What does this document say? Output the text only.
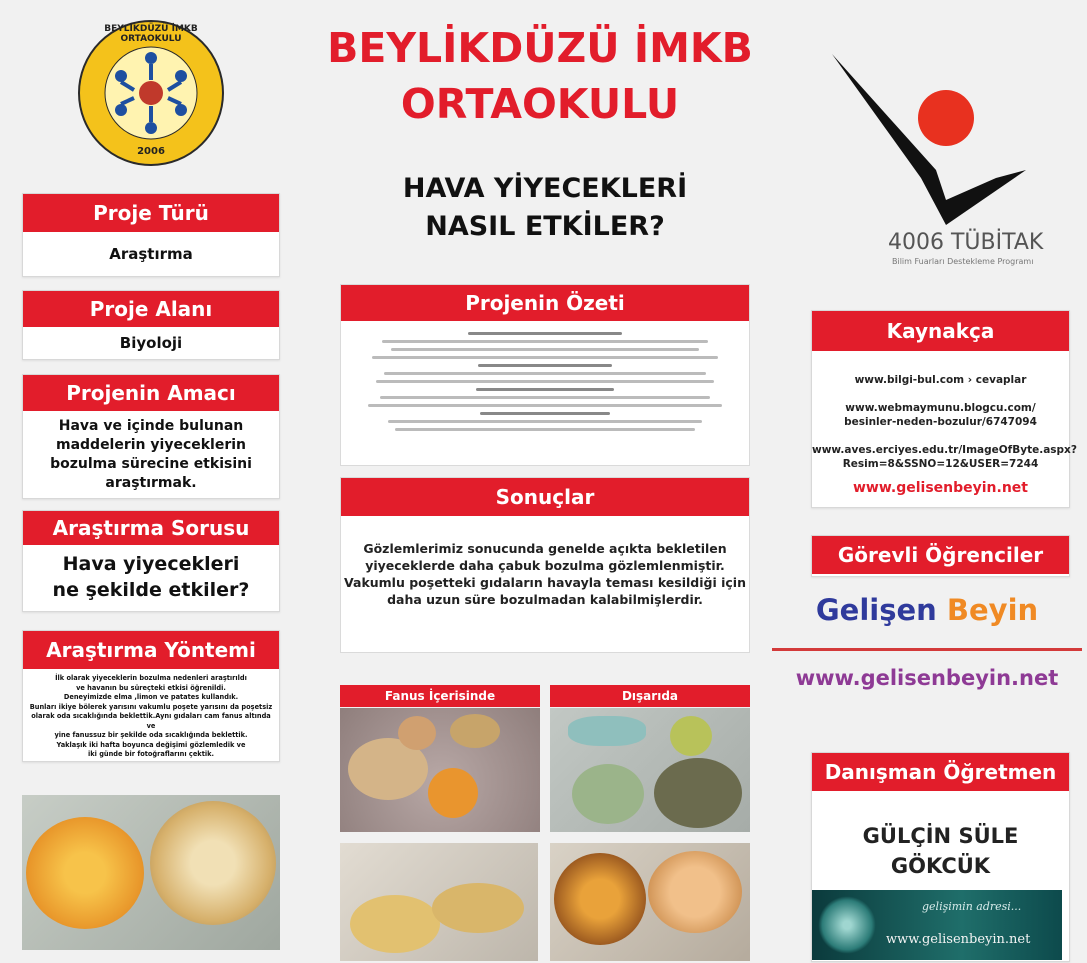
BEYLİKDÜZÜ İMKB ORTAOKULU
2006
BEYLİKDÜZÜ İMKB
ORTAOKULU
HAVA YİYECEKLERİ
NASIL ETKİLER?
4006 TÜBİTAK
Bilim Fuarları Destekleme Programı
Proje Türü
Araştırma
Proje Alanı
Biyoloji
Projenin Amacı
Hava ve içinde bulunan
maddelerin yiyeceklerin
bozulma sürecine etkisini
araştırmak.
Araştırma Sorusu
Hava yiyecekleri
ne şekilde etkiler?
Araştırma Yöntemi
İlk olarak yiyeceklerin bozulma nedenleri araştırıldı
ve havanın bu süreçteki etkisi öğrenildi.
Deneyimizde elma ,limon ve patates kullandık.
Bunları ikiye bölerek yarısını vakumlu poşete yarısını da poşetsiz
olarak oda sıcaklığında beklettik.Aynı gıdaları cam fanus altında ve
yine fanussuz bir şekilde oda sıcaklığında beklettik.
Yaklaşık iki hafta boyunca değişimi gözlemledik ve
iki günde bir fotoğraflarını çektik.
Projenin Özeti
Sonuçlar
Gözlemlerimiz sonucunda genelde açıkta bekletilen
yiyeceklerde daha çabuk bozulma gözlemlenmiştir.
Vakumlu poşetteki gıdaların havayla teması kesildiği için
daha uzun süre bozulmadan kalabilmişlerdir.
Fanus İçerisinde	Dışarıda
Kaynakça
www.bilgi-bul.com › cevaplar
www.webmaymunu.blogcu.com/
besinler-neden-bozulur/6747094
www.aves.erciyes.edu.tr/ImageOfByte.aspx?
Resim=8&SSNO=12&USER=7244
www.gelisenbeyin.net
Görevli Öğrenciler
Gelişen Beyin
www.gelisenbeyin.net
Danışman Öğretmen
GÜLÇİN SÜLE
GÖKCÜK
gelişimin adresi...
www.gelisenbeyin.net
